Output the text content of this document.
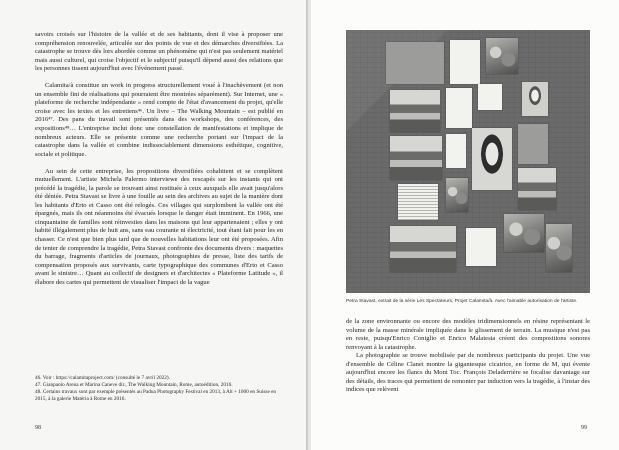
savoirs croisés sur l'histoire de la vallée et de ses habitants, dont il vise à proposer une compréhension renouvelée, articulée sur des points de vue et des démarches diversifiées. La catastrophe se trouve dès lors abordée comme un phénomène qui n'est pas seulement matériel mais aussi culturel, qui croise l'objectif et le subjectif puisqu'il dépend aussi des relations que les personnes tissent aujourd'hui avec l'événement passé.

Calamita/à constitue un work in progress structurellement voué à l'inachèvement (et non un ensemble fini de réalisations qui pourraient être montrées séparément). Sur Internet, une « plateforme de recherche indépendante » rend compte de l'état d'avancement du projet, qu'elle croise avec les textes et les entretiens⁴⁶. Un livre – The Walking Mountain – est publié en 2016⁴⁷. Des pans du travail sont présentés dans des workshops, des conférences, des expositions⁴⁸… L'entreprise inclut donc une constellation de manifestations et implique de nombreux acteurs. Elle se présente comme une recherche portant sur l'impact de la catastrophe dans la vallée et combine indissociablement dimensions esthétique, cognitive, sociale et politique.

Au sein de cette entreprise, les propositions diversifiées cohabitent et se complètent mutuellement. L'artiste Michela Palermo interviewe des rescapés sur les instants qui ont précédé la tragédie, la parole se trouvant ainsi restituée à ceux auxquels elle avait jusqu'alors été déniée. Petra Stavast se livre à une fouille au sein des archives au sujet de la manière dont les habitants d'Erto et Casso ont été relogés. Ces villages qui surplombent la vallée ont été épargnés, mais ils ont néanmoins été évacués lorsque le danger était imminent. En 1966, une cinquantaine de familles sont réinvesties dans les maisons qui leur appartenaient ; elles y ont habité illégalement plus de huit ans, sans eau courante ni électricité, tout étant fait pour les en chasser. Ce n'est que bien plus tard que de nouvelles habitations leur ont été proposées. Afin de tenter de comprendre la tragédie, Petra Stavast confronte des documents divers : maquettes du barrage, fragments d'articles de journaux, photographies de presse, liste des tarifs de compensation proposés aux survivants, carte typographique des communes d'Erto et Casso avant le sinistre… Quant au collectif de designers et d'architectes « Plateforme Latitude », il élabore des cartes qui permettent de visualiser l'impact de la vague

46. Voir : https://calamitaproject.com/ (consulté le 7 avril 2022).
47. Gianpaolo Arena et Marina Caneve dir., The Walking Mountain, Rome, autoédition, 2016.
48. Certains travaux sont par exemple présentés au Padua Photography Festival en 2013, à Alt + 1000 en Suisse en 2015, à la galerie Matèria à Rome en 2016.
98
Petra Stavast, extrait de la série Les Spectateurs, Projet Calamita/à. Avec l'aimable autorisation de l'artiste.

de la zone environnante ou encore des modèles tridimensionnels en résine représentant le volume de la masse minérale impliquée dans le glissement de terrain. La musique n'est pas en reste, puisqu'Enrico Coniglio et Enrico Malatesta créent des compositions sonores renvoyant à la catastrophe.

La photographie se trouve mobilisée par de nombreux participants du projet. Une vue d'ensemble de Céline Clanet montre la gigantesque cicatrice, en forme de M, qui évente aujourd'hui encore les flancs du Mont Toc. François Deladerrière se focalise davantage sur des détails, des traces qui permettent de remonter par induction vers la tragédie, à l'instar des indices que relèvent

99
